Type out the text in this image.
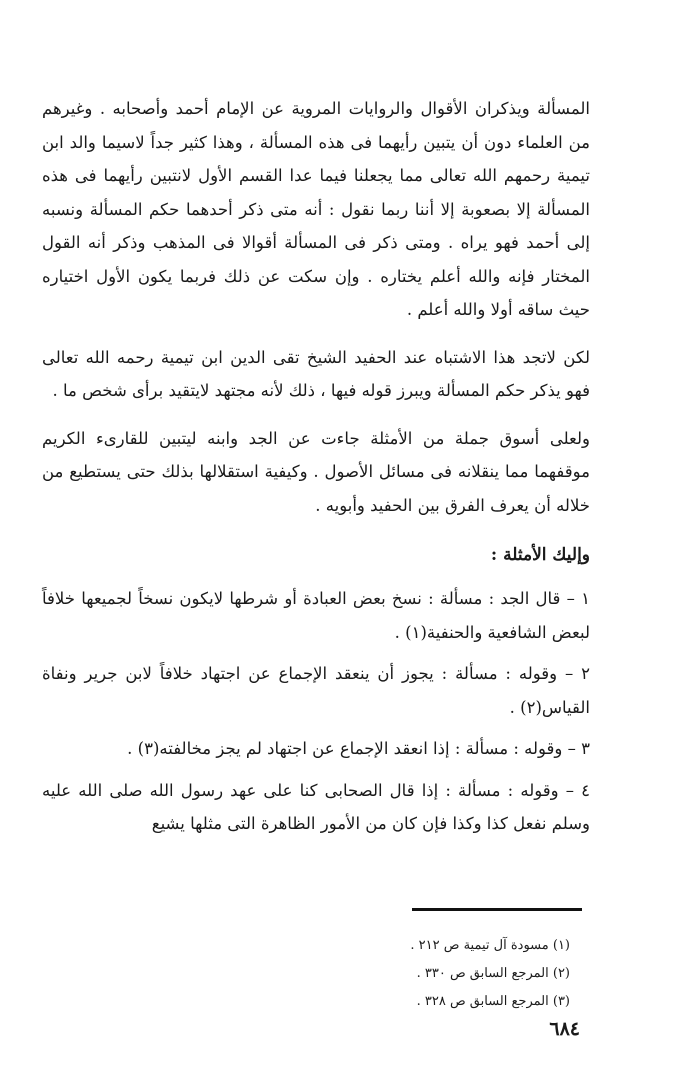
المسألة ويذكران الأقوال والروايات المروية عن الإمام أحمد وأصحابه . وغيرهم من العلماء دون أن يتبين رأيهما فى هذه المسألة ، وهذا كثير جداً لاسيما والد ابن تيمية رحمهم الله تعالى مما يجعلنا فيما عدا القسم الأول لانتبين رأيهما فى هذه المسألة إلا بصعوبة إلا أننا ربما نقول : أنه متى ذكر أحدهما حكم المسألة ونسبه إلى أحمد فهو يراه . ومتى ذكر فى المسألة أقوالا فى المذهب وذكر أنه القول المختار فإنه والله أعلم يختاره . وإن سكت عن ذلك فربما يكون الأول اختياره حيث ساقه أولا والله أعلم .

لكن لاتجد هذا الاشتباه عند الحفيد الشيخ تقى الدين ابن تيمية رحمه الله تعالى فهو يذكر حكم المسألة ويبرز قوله فيها ، ذلك لأنه مجتهد لايتقيد برأى شخص ما .

ولعلى أسوق جملة من الأمثلة جاءت عن الجد وابنه ليتبين للقارىء الكريم موقفهما مما ينقلانه فى مسائل الأصول . وكيفية استقلالها بذلك حتى يستطيع من خلاله أن يعرف الفرق بين الحفيد وأبويه .

وإليك الأمثلة :

١ – قال الجد : مسألة : نسخ بعض العبادة أو شرطها لايكون نسخاً لجميعها خلافاً لبعض الشافعية والحنفية(١) .

٢ – وقوله : مسألة : يجوز أن ينعقد الإجماع عن اجتهاد خلافاً لابن جرير ونفاة القياس(٢) .

٣ – وقوله : مسألة : إذا انعقد الإجماع عن اجتهاد لم يجز مخالفته(٣) .

٤ – وقوله : مسألة : إذا قال الصحابى كنا على عهد رسول الله صلى الله عليه وسلم نفعل كذا وكذا فإن كان من الأمور الظاهرة التى مثلها يشيع

(١) مسودة آل تيمية ص ٢١٢ .

(٢) المرجع السابق ص ٣٣٠ .

(٣) المرجع السابق ص ٣٢٨ .

٦٨٤
